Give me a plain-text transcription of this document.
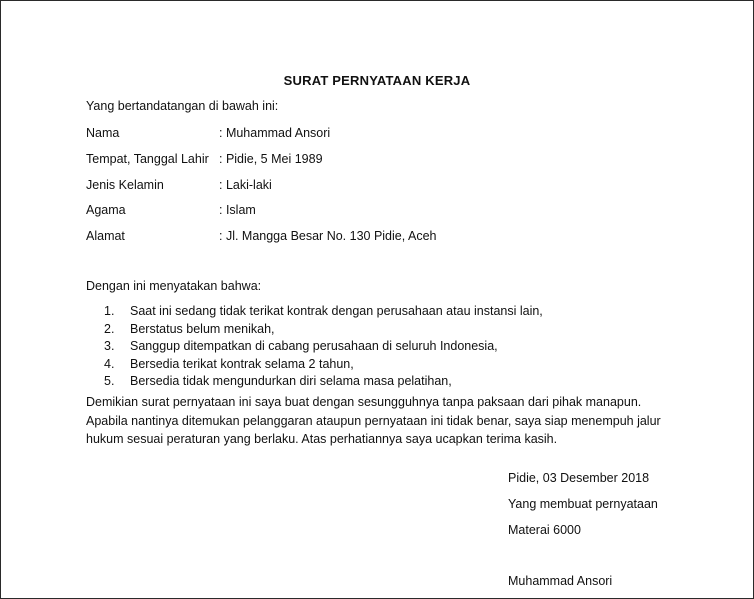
SURAT PERNYATAAN KERJA
Yang bertandatangan di bawah ini:
Nama	: Muhammad Ansori
Tempat, Tanggal Lahir : Pidie, 5 Mei 1989
Jenis Kelamin	: Laki-laki
Agama	: Islam
Alamat	: Jl. Mangga Besar No. 130 Pidie, Aceh
Dengan ini menyatakan bahwa:
1. Saat ini sedang tidak terikat kontrak dengan perusahaan atau instansi lain,
2. Berstatus belum menikah,
3. Sanggup ditempatkan di cabang perusahaan di seluruh Indonesia,
4. Bersedia terikat kontrak selama 2 tahun,
5. Bersedia tidak mengundurkan diri selama masa pelatihan,
Demikian surat pernyataan ini saya buat dengan sesungguhnya tanpa paksaan dari pihak manapun.
Apabila nantinya ditemukan pelanggaran ataupun pernyataan ini tidak benar, saya siap menempuh jalur
hukum sesuai peraturan yang berlaku. Atas perhatiannya saya ucapkan terima kasih.
Pidie, 03 Desember 2018
Yang membuat pernyataan
Materai 6000
Muhammad Ansori
